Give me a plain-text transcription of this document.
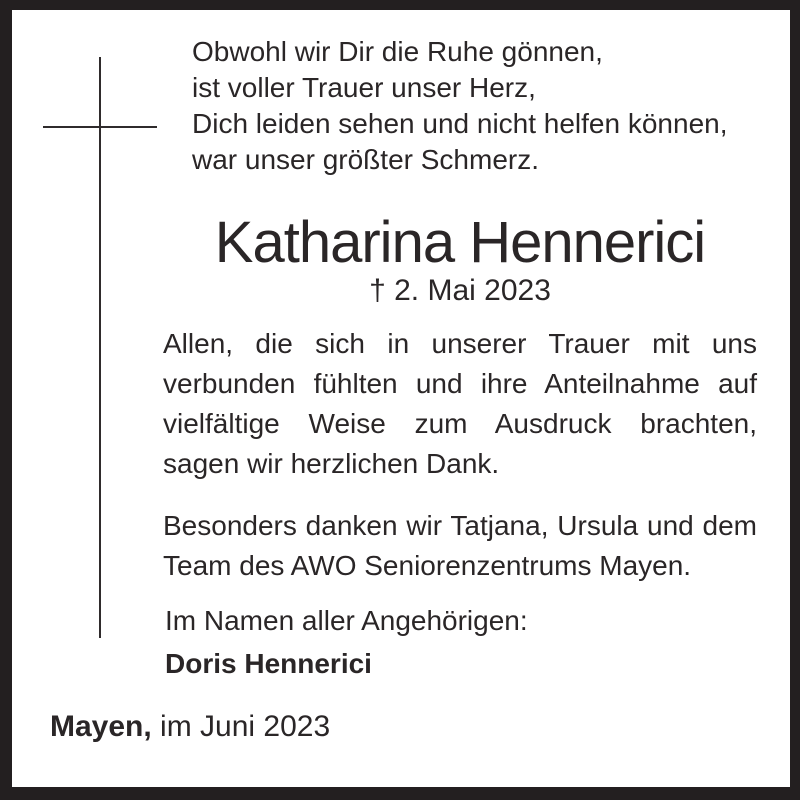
Obwohl wir Dir die Ruhe gönnen,
ist voller Trauer unser Herz,
Dich leiden sehen und nicht helfen können,
war unser größter Schmerz.
Katharina Hennerici
† 2. Mai 2023
Allen, die sich in unserer Trauer mit uns
verbunden fühlten und ihre Anteilnahme auf
vielfältige Weise zum Ausdruck brachten,
sagen wir herzlichen Dank.
Besonders danken wir Tatjana, Ursula und dem
Team des AWO Seniorenzentrums Mayen.
Im Namen aller Angehörigen:
Doris Hennerici
Mayen, im Juni 2023
